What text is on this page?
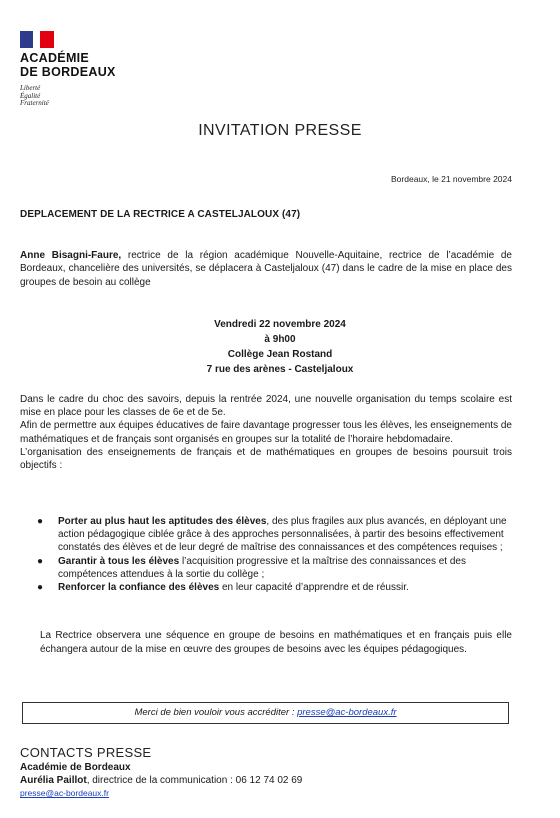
ACADÉMIE
DE BORDEAUX
Liberté
Égalité
Fraternité
INVITATION PRESSE
Bordeaux, le 21 novembre 2024
DEPLACEMENT DE LA RECTRICE A CASTELJALOUX (47)

Anne Bisagni-Faure, rectrice de la région académique Nouvelle-Aquitaine, rectrice de l’académie de Bordeaux, chancelière des universités, se déplacera à Casteljaloux (47) dans le cadre de la mise en place des groupes de besoin au collège

Vendredi 22 novembre 2024
à 9h00
Collège Jean Rostand
7 rue des arènes - Casteljaloux

Dans le cadre du choc des savoirs, depuis la rentrée 2024, une nouvelle organisation du temps scolaire est mise en place pour les classes de 6e et de 5e.

Afin de permettre aux équipes éducatives de faire davantage progresser tous les élèves, les enseignements de mathématiques et de français sont organisés en groupes sur la totalité de l’horaire hebdomadaire.

L’organisation des enseignements de français et de mathématiques en groupes de besoins poursuit trois objectifs :

● Porter au plus haut les aptitudes des élèves, des plus fragiles aux plus avancés, en déployant une action pédagogique ciblée grâce à des approches personnalisées, à partir des besoins effectivement constatés des élèves et de leur degré de maîtrise des connaissances et des compétences requises ;
● Garantir à tous les élèves l’acquisition progressive et la maîtrise des connaissances et des compétences attendues à la sortie du collège ;
● Renforcer la confiance des élèves en leur capacité d’apprendre et de réussir.

La Rectrice observera une séquence en groupe de besoins en mathématiques et en français puis elle échangera autour de la mise en œuvre des groupes de besoins avec les équipes pédagogiques.

Merci de bien vouloir vous accréditer : presse@ac-bordeaux.fr
CONTACTS PRESSE
Académie de Bordeaux
Aurélia Paillot, directrice de la communication : 06 12 74 02 69
presse@ac-bordeaux.fr
